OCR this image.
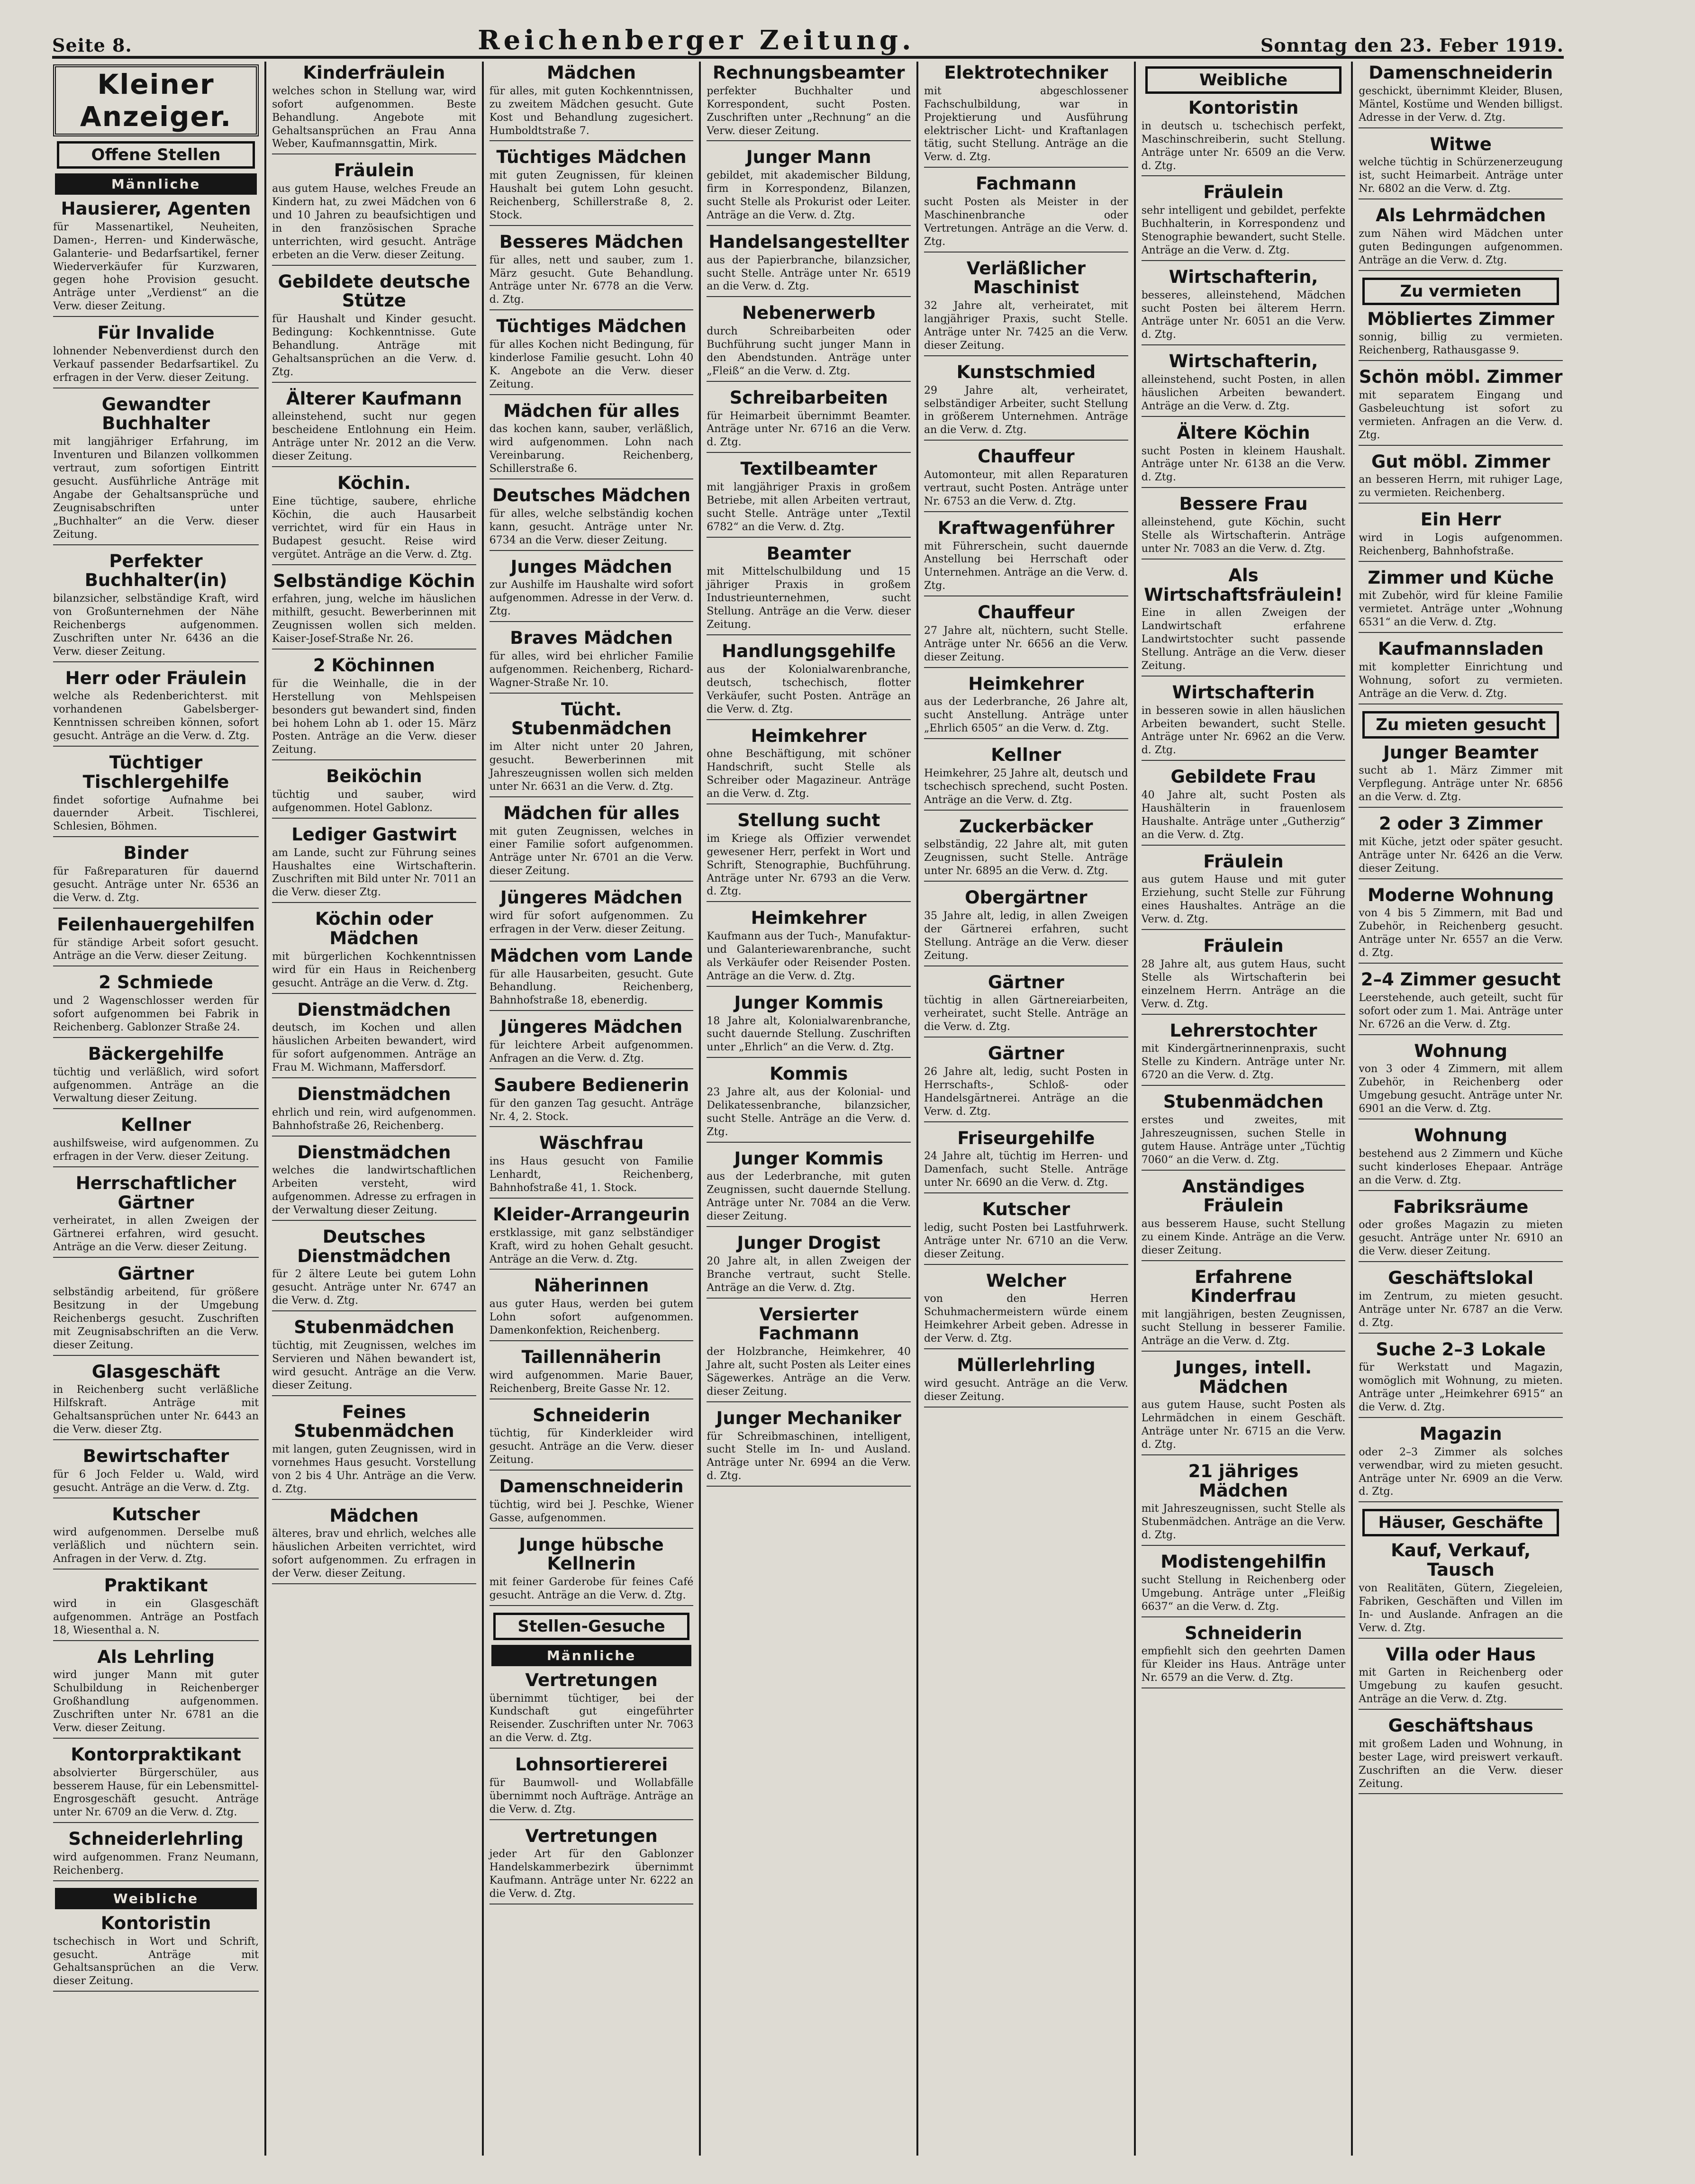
Seite 8.	Reichenberger Zeitung.	Sonntag den 23. Feber 1919.
Kleiner Anzeiger.
Offene Stellen
Männliche
Hausierer, Agenten

für Massenartikel, Neuheiten, Damen-, Herren- und Kinderwäsche, Galanterie- und Bedarfsartikel, ferner Wiederverkäufer für Kurzwaren, gegen hohe Provision gesucht. Anträge unter „Verdienst“ an die Verw. dieser Zeitung.

Für Invalide

lohnender Nebenverdienst durch den Verkauf passender Bedarfsartikel. Zu erfragen in der Verw. dieser Zeitung.

Gewandter Buchhalter

mit langjähriger Erfahrung, im Inventuren und Bilanzen vollkommen vertraut, zum sofortigen Eintritt gesucht. Ausführliche Anträge mit Angabe der Gehaltsansprüche und Zeugnisabschriften unter „Buchhalter“ an die Verw. dieser Zeitung.

Perfekter Buchhalter(in)

bilanzsicher, selbständige Kraft, wird von Großunternehmen der Nähe Reichenbergs aufgenommen. Zuschriften unter Nr. 6436 an die Verw. dieser Zeitung.

Herr oder Fräulein

welche als Redenberichterst. mit vorhandenen Gabelsberger-Kenntnissen schreiben können, sofort gesucht. Anträge an die Verw. d. Ztg.

Tüchtiger Tischlergehilfe

findet sofortige Aufnahme bei dauernder Arbeit. Tischlerei, Schlesien, Böhmen.

Binder

für Faßreparaturen für dauernd gesucht. Anträge unter Nr. 6536 an die Verw. d. Ztg.

Feilenhauergehilfen

für ständige Arbeit sofort gesucht. Anträge an die Verw. dieser Zeitung.

2 Schmiede

und 2 Wagenschlosser werden für sofort aufgenommen bei Fabrik in Reichenberg. Gablonzer Straße 24.

Bäckergehilfe

tüchtig und verläßlich, wird sofort aufgenommen. Anträge an die Verwaltung dieser Zeitung.

Kellner

aushilfsweise, wird aufgenommen. Zu erfragen in der Verw. dieser Zeitung.

Herrschaftlicher Gärtner

verheiratet, in allen Zweigen der Gärtnerei erfahren, wird gesucht. Anträge an die Verw. dieser Zeitung.

Gärtner

selbständig arbeitend, für größere Besitzung in der Umgebung Reichenbergs gesucht. Zuschriften mit Zeugnisabschriften an die Verw. dieser Zeitung.

Glasgeschäft

in Reichenberg sucht verläßliche Hilfskraft. Anträge mit Gehaltsansprüchen unter Nr. 6443 an die Verw. dieser Ztg.

Bewirtschafter

für 6 Joch Felder u. Wald, wird gesucht. Anträge an die Verw. d. Ztg.

Kutscher

wird aufgenommen. Derselbe muß verläßlich und nüchtern sein. Anfragen in der Verw. d. Ztg.

Praktikant

wird in ein Glasgeschäft aufgenommen. Anträge an Postfach 18, Wiesenthal a. N.

Als Lehrling

wird junger Mann mit guter Schulbildung in Reichenberger Großhandlung aufgenommen. Zuschriften unter Nr. 6781 an die Verw. dieser Zeitung.

Kontorpraktikant

absolvierter Bürgerschüler, aus besserem Hause, für ein Lebensmittel-Engrosgeschäft gesucht. Anträge unter Nr. 6709 an die Verw. d. Ztg.

Schneiderlehrling

wird aufgenommen. Franz Neumann, Reichenberg.

Weibliche
Kontoristin

tschechisch in Wort und Schrift, gesucht. Anträge mit Gehaltsansprüchen an die Verw. dieser Zeitung.

Kinderfräulein

welches schon in Stellung war, wird sofort aufgenommen. Beste Behandlung. Angebote mit Gehaltsansprüchen an Frau Anna Weber, Kaufmannsgattin, Mirk.

Fräulein

aus gutem Hause, welches Freude an Kindern hat, zu zwei Mädchen von 6 und 10 Jahren zu beaufsichtigen und in den französischen Sprache unterrichten, wird gesucht. Anträge erbeten an die Verw. dieser Zeitung.

Gebildete deutsche Stütze

für Haushalt und Kinder gesucht. Bedingung: Kochkenntnisse. Gute Behandlung. Anträge mit Gehaltsansprüchen an die Verw. d. Ztg.

Älterer Kaufmann

alleinstehend, sucht nur gegen bescheidene Entlohnung ein Heim. Anträge unter Nr. 2012 an die Verw. dieser Zeitung.

Köchin.

Eine tüchtige, saubere, ehrliche Köchin, die auch Hausarbeit verrichtet, wird für ein Haus in Budapest gesucht. Reise wird vergütet. Anträge an die Verw. d. Ztg.

Selbständige Köchin

erfahren, jung, welche im häuslichen mithilft, gesucht. Bewerberinnen mit Zeugnissen wollen sich melden. Kaiser-Josef-Straße Nr. 26.

2 Köchinnen

für die Weinhalle, die in der Herstellung von Mehlspeisen besonders gut bewandert sind, finden bei hohem Lohn ab 1. oder 15. März Posten. Anträge an die Verw. dieser Zeitung.

Beiköchin

tüchtig und sauber, wird aufgenommen. Hotel Gablonz.

Lediger Gastwirt

am Lande, sucht zur Führung seines Haushaltes eine Wirtschafterin. Zuschriften mit Bild unter Nr. 7011 an die Verw. dieser Ztg.

Köchin oder Mädchen

mit bürgerlichen Kochkenntnissen wird für ein Haus in Reichenberg gesucht. Anträge an die Verw. d. Ztg.

Dienstmädchen

deutsch, im Kochen und allen häuslichen Arbeiten bewandert, wird für sofort aufgenommen. Anträge an Frau M. Wichmann, Maffersdorf.

Dienstmädchen

ehrlich und rein, wird aufgenommen. Bahnhofstraße 26, Reichenberg.

Dienstmädchen

welches die landwirtschaftlichen Arbeiten versteht, wird aufgenommen. Adresse zu erfragen in der Verwaltung dieser Zeitung.

Deutsches Dienstmädchen

für 2 ältere Leute bei gutem Lohn gesucht. Anträge unter Nr. 6747 an die Verw. d. Ztg.

Stubenmädchen

tüchtig, mit Zeugnissen, welches im Servieren und Nähen bewandert ist, wird gesucht. Anträge an die Verw. dieser Zeitung.

Feines Stubenmädchen

mit langen, guten Zeugnissen, wird in vornehmes Haus gesucht. Vorstellung von 2 bis 4 Uhr. Anträge an die Verw. d. Ztg.

Mädchen

älteres, brav und ehrlich, welches alle häuslichen Arbeiten verrichtet, wird sofort aufgenommen. Zu erfragen in der Verw. dieser Zeitung.

Mädchen

für alles, mit guten Kochkenntnissen, zu zweitem Mädchen gesucht. Gute Kost und Behandlung zugesichert. Humboldtstraße 7.

Tüchtiges Mädchen

mit guten Zeugnissen, für kleinen Haushalt bei gutem Lohn gesucht. Reichenberg, Schillerstraße 8, 2. Stock.

Besseres Mädchen

für alles, nett und sauber, zum 1. März gesucht. Gute Behandlung. Anträge unter Nr. 6778 an die Verw. d. Ztg.

Tüchtiges Mädchen

für alles Kochen nicht Bedingung, für kinderlose Familie gesucht. Lohn 40 K. Angebote an die Verw. dieser Zeitung.

Mädchen für alles

das kochen kann, sauber, verläßlich, wird aufgenommen. Lohn nach Vereinbarung. Reichenberg, Schillerstraße 6.

Deutsches Mädchen

für alles, welche selbständig kochen kann, gesucht. Anträge unter Nr. 6734 an die Verw. dieser Zeitung.

Junges Mädchen

zur Aushilfe im Haushalte wird sofort aufgenommen. Adresse in der Verw. d. Ztg.

Braves Mädchen

für alles, wird bei ehrlicher Familie aufgenommen. Reichenberg, Richard-Wagner-Straße Nr. 10.

Tücht. Stubenmädchen

im Alter nicht unter 20 Jahren, gesucht. Bewerberinnen mit Jahreszeugnissen wollen sich melden unter Nr. 6631 an die Verw. d. Ztg.

Mädchen für alles

mit guten Zeugnissen, welches in einer Familie sofort aufgenommen. Anträge unter Nr. 6701 an die Verw. dieser Zeitung.

Jüngeres Mädchen

wird für sofort aufgenommen. Zu erfragen in der Verw. dieser Zeitung.

Mädchen vom Lande

für alle Hausarbeiten, gesucht. Gute Behandlung. Reichenberg, Bahnhofstraße 18, ebenerdig.

Jüngeres Mädchen

für leichtere Arbeit aufgenommen. Anfragen an die Verw. d. Ztg.

Saubere Bedienerin

für den ganzen Tag gesucht. Anträge Nr. 4, 2. Stock.

Wäschfrau

ins Haus gesucht von Familie Lenhardt, Reichenberg, Bahnhofstraße 41, 1. Stock.

Kleider-Arrangeurin

erstklassige, mit ganz selbständiger Kraft, wird zu hohen Gehalt gesucht. Anträge an die Verw. d. Ztg.

Näherinnen

aus guter Haus, werden bei gutem Lohn sofort aufgenommen. Damenkonfektion, Reichenberg.

Taillennäherin

wird aufgenommen. Marie Bauer, Reichenberg, Breite Gasse Nr. 12.

Schneiderin

tüchtig, für Kinderkleider wird gesucht. Anträge an die Verw. dieser Zeitung.

Damenschneiderin

tüchtig, wird bei J. Peschke, Wiener Gasse, aufgenommen.

Junge hübsche Kellnerin

mit feiner Garderobe für feines Café gesucht. Anträge an die Verw. d. Ztg.

Stellen-Gesuche
Männliche
Vertretungen

übernimmt tüchtiger, bei der Kundschaft gut eingeführter Reisender. Zuschriften unter Nr. 7063 an die Verw. d. Ztg.

Lohnsortiererei

für Baumwoll- und Wollabfälle übernimmt noch Aufträge. Anträge an die Verw. d. Ztg.

Vertretungen

jeder Art für den Gablonzer Handelskammerbezirk übernimmt Kaufmann. Anträge unter Nr. 6222 an die Verw. d. Ztg.

Rechnungsbeamter

perfekter Buchhalter und Korrespondent, sucht Posten. Zuschriften unter „Rechnung“ an die Verw. dieser Zeitung.

Junger Mann

gebildet, mit akademischer Bildung, firm in Korrespondenz, Bilanzen, sucht Stelle als Prokurist oder Leiter. Anträge an die Verw. d. Ztg.

Handelsangestellter

aus der Papierbranche, bilanzsicher, sucht Stelle. Anträge unter Nr. 6519 an die Verw. d. Ztg.

Nebenerwerb

durch Schreibarbeiten oder Buchführung sucht junger Mann in den Abendstunden. Anträge unter „Fleiß“ an die Verw. d. Ztg.

Schreibarbeiten

für Heimarbeit übernimmt Beamter. Anträge unter Nr. 6716 an die Verw. d. Ztg.

Textilbeamter

mit langjähriger Praxis in großem Betriebe, mit allen Arbeiten vertraut, sucht Stelle. Anträge unter „Textil 6782“ an die Verw. d. Ztg.

Beamter

mit Mittelschulbildung und 15 jähriger Praxis in großem Industrieunternehmen, sucht Stellung. Anträge an die Verw. dieser Zeitung.

Handlungsgehilfe

aus der Kolonialwarenbranche, deutsch, tschechisch, flotter Verkäufer, sucht Posten. Anträge an die Verw. d. Ztg.

Heimkehrer

ohne Beschäftigung, mit schöner Handschrift, sucht Stelle als Schreiber oder Magazineur. Anträge an die Verw. d. Ztg.

Stellung sucht

im Kriege als Offizier verwendet gewesener Herr, perfekt in Wort und Schrift, Stenographie, Buchführung. Anträge unter Nr. 6793 an die Verw. d. Ztg.

Heimkehrer

Kaufmann aus der Tuch-, Manufaktur- und Galanteriewarenbranche, sucht als Verkäufer oder Reisender Posten. Anträge an die Verw. d. Ztg.

Junger Kommis

18 Jahre alt, Kolonialwarenbranche, sucht dauernde Stellung. Zuschriften unter „Ehrlich“ an die Verw. d. Ztg.

Kommis

23 Jahre alt, aus der Kolonial- und Delikatessenbranche, bilanzsicher, sucht Stelle. Anträge an die Verw. d. Ztg.

Junger Kommis

aus der Lederbranche, mit guten Zeugnissen, sucht dauernde Stellung. Anträge unter Nr. 7084 an die Verw. dieser Zeitung.

Junger Drogist

20 Jahre alt, in allen Zweigen der Branche vertraut, sucht Stelle. Anträge an die Verw. d. Ztg.

Versierter Fachmann

der Holzbranche, Heimkehrer, 40 Jahre alt, sucht Posten als Leiter eines Sägewerkes. Anträge an die Verw. dieser Zeitung.

Junger Mechaniker

für Schreibmaschinen, intelligent, sucht Stelle im In- und Ausland. Anträge unter Nr. 6994 an die Verw. d. Ztg.

Elektrotechniker

mit abgeschlossener Fachschulbildung, war in Projektierung und Ausführung elektrischer Licht- und Kraftanlagen tätig, sucht Stellung. Anträge an die Verw. d. Ztg.

Fachmann

sucht Posten als Meister in der Maschinenbranche oder Vertretungen. Anträge an die Verw. d. Ztg.

Verläßlicher Maschinist

32 Jahre alt, verheiratet, mit langjähriger Praxis, sucht Stelle. Anträge unter Nr. 7425 an die Verw. dieser Zeitung.

Kunstschmied

29 Jahre alt, verheiratet, selbständiger Arbeiter, sucht Stellung in größerem Unternehmen. Anträge an die Verw. d. Ztg.

Chauffeur

Automonteur, mit allen Reparaturen vertraut, sucht Posten. Anträge unter Nr. 6753 an die Verw. d. Ztg.

Kraftwagenführer

mit Führerschein, sucht dauernde Anstellung bei Herrschaft oder Unternehmen. Anträge an die Verw. d. Ztg.

Chauffeur

27 Jahre alt, nüchtern, sucht Stelle. Anträge unter Nr. 6656 an die Verw. dieser Zeitung.

Heimkehrer

aus der Lederbranche, 26 Jahre alt, sucht Anstellung. Anträge unter „Ehrlich 6505“ an die Verw. d. Ztg.

Kellner

Heimkehrer, 25 Jahre alt, deutsch und tschechisch sprechend, sucht Posten. Anträge an die Verw. d. Ztg.

Zuckerbäcker

selbständig, 22 Jahre alt, mit guten Zeugnissen, sucht Stelle. Anträge unter Nr. 6895 an die Verw. d. Ztg.

Obergärtner

35 Jahre alt, ledig, in allen Zweigen der Gärtnerei erfahren, sucht Stellung. Anträge an die Verw. dieser Zeitung.

Gärtner

tüchtig in allen Gärtnereiarbeiten, verheiratet, sucht Stelle. Anträge an die Verw. d. Ztg.

Gärtner

26 Jahre alt, ledig, sucht Posten in Herrschafts-, Schloß- oder Handelsgärtnerei. Anträge an die Verw. d. Ztg.

Friseurgehilfe

24 Jahre alt, tüchtig im Herren- und Damenfach, sucht Stelle. Anträge unter Nr. 6690 an die Verw. d. Ztg.

Kutscher

ledig, sucht Posten bei Lastfuhrwerk. Anträge unter Nr. 6710 an die Verw. dieser Zeitung.

Welcher

von den Herren Schuhmachermeistern würde einem Heimkehrer Arbeit geben. Adresse in der Verw. d. Ztg.

Müllerlehrling

wird gesucht. Anträge an die Verw. dieser Zeitung.

Weibliche
Kontoristin

in deutsch u. tschechisch perfekt, Maschinschreiberin, sucht Stellung. Anträge unter Nr. 6509 an die Verw. d. Ztg.

Fräulein

sehr intelligent und gebildet, perfekte Buchhalterin, in Korrespondenz und Stenographie bewandert, sucht Stelle. Anträge an die Verw. d. Ztg.

Wirtschafterin,

besseres, alleinstehend, Mädchen sucht Posten bei älterem Herrn. Anträge unter Nr. 6051 an die Verw. d. Ztg.

Wirtschafterin,

alleinstehend, sucht Posten, in allen häuslichen Arbeiten bewandert. Anträge an die Verw. d. Ztg.

Ältere Köchin

sucht Posten in kleinem Haushalt. Anträge unter Nr. 6138 an die Verw. d. Ztg.

Bessere Frau

alleinstehend, gute Köchin, sucht Stelle als Wirtschafterin. Anträge unter Nr. 7083 an die Verw. d. Ztg.

Als Wirtschaftsfräulein!

Eine in allen Zweigen der Landwirtschaft erfahrene Landwirtstochter sucht passende Stellung. Anträge an die Verw. dieser Zeitung.

Wirtschafterin

in besseren sowie in allen häuslichen Arbeiten bewandert, sucht Stelle. Anträge unter Nr. 6962 an die Verw. d. Ztg.

Gebildete Frau

40 Jahre alt, sucht Posten als Haushälterin in frauenlosem Haushalte. Anträge unter „Gutherzig“ an die Verw. d. Ztg.

Fräulein

aus gutem Hause und mit guter Erziehung, sucht Stelle zur Führung eines Haushaltes. Anträge an die Verw. d. Ztg.

Fräulein

28 Jahre alt, aus gutem Haus, sucht Stelle als Wirtschafterin bei einzelnem Herrn. Anträge an die Verw. d. Ztg.

Lehrerstochter

mit Kindergärtnerinnenpraxis, sucht Stelle zu Kindern. Anträge unter Nr. 6720 an die Verw. d. Ztg.

Stubenmädchen

erstes und zweites, mit Jahreszeugnissen, suchen Stelle in gutem Hause. Anträge unter „Tüchtig 7060“ an die Verw. d. Ztg.

Anständiges Fräulein

aus besserem Hause, sucht Stellung zu einem Kinde. Anträge an die Verw. dieser Zeitung.

Erfahrene Kinderfrau

mit langjährigen, besten Zeugnissen, sucht Stellung in besserer Familie. Anträge an die Verw. d. Ztg.

Junges, intell. Mädchen

aus gutem Hause, sucht Posten als Lehrmädchen in einem Geschäft. Anträge unter Nr. 6715 an die Verw. d. Ztg.

21 jähriges Mädchen

mit Jahreszeugnissen, sucht Stelle als Stubenmädchen. Anträge an die Verw. d. Ztg.

Modistengehilfin

sucht Stellung in Reichenberg oder Umgebung. Anträge unter „Fleißig 6637“ an die Verw. d. Ztg.

Schneiderin

empfiehlt sich den geehrten Damen für Kleider ins Haus. Anträge unter Nr. 6579 an die Verw. d. Ztg.

Damenschneiderin

geschickt, übernimmt Kleider, Blusen, Mäntel, Kostüme und Wenden billigst. Adresse in der Verw. d. Ztg.

Witwe

welche tüchtig in Schürzenerzeugung ist, sucht Heimarbeit. Anträge unter Nr. 6802 an die Verw. d. Ztg.

Als Lehrmädchen

zum Nähen wird Mädchen unter guten Bedingungen aufgenommen. Anträge an die Verw. d. Ztg.

Zu vermieten
Möbliertes Zimmer

sonnig, billig zu vermieten. Reichenberg, Rathausgasse 9.

Schön möbl. Zimmer

mit separatem Eingang und Gasbeleuchtung ist sofort zu vermieten. Anfragen an die Verw. d. Ztg.

Gut möbl. Zimmer

an besseren Herrn, mit ruhiger Lage, zu vermieten. Reichenberg.

Ein Herr

wird in Logis aufgenommen. Reichenberg, Bahnhofstraße.

Zimmer und Küche

mit Zubehör, wird für kleine Familie vermietet. Anträge unter „Wohnung 6531“ an die Verw. d. Ztg.

Kaufmannsladen

mit kompletter Einrichtung und Wohnung, sofort zu vermieten. Anträge an die Verw. d. Ztg.

Zu mieten gesucht
Junger Beamter

sucht ab 1. März Zimmer mit Verpflegung. Anträge unter Nr. 6856 an die Verw. d. Ztg.

2 oder 3 Zimmer

mit Küche, jetzt oder später gesucht. Anträge unter Nr. 6426 an die Verw. dieser Zeitung.

Moderne Wohnung

von 4 bis 5 Zimmern, mit Bad und Zubehör, in Reichenberg gesucht. Anträge unter Nr. 6557 an die Verw. d. Ztg.

2–4 Zimmer gesucht

Leerstehende, auch geteilt, sucht für sofort oder zum 1. Mai. Anträge unter Nr. 6726 an die Verw. d. Ztg.

Wohnung

von 3 oder 4 Zimmern, mit allem Zubehör, in Reichenberg oder Umgebung gesucht. Anträge unter Nr. 6901 an die Verw. d. Ztg.

Wohnung

bestehend aus 2 Zimmern und Küche sucht kinderloses Ehepaar. Anträge an die Verw. d. Ztg.

Fabriksräume

oder großes Magazin zu mieten gesucht. Anträge unter Nr. 6910 an die Verw. dieser Zeitung.

Geschäftslokal

im Zentrum, zu mieten gesucht. Anträge unter Nr. 6787 an die Verw. d. Ztg.

Suche 2–3 Lokale

für Werkstatt und Magazin, womöglich mit Wohnung, zu mieten. Anträge unter „Heimkehrer 6915“ an die Verw. d. Ztg.

Magazin

oder 2–3 Zimmer als solches verwendbar, wird zu mieten gesucht. Anträge unter Nr. 6909 an die Verw. d. Ztg.

Häuser, Geschäfte
Kauf, Verkauf, Tausch

von Realitäten, Gütern, Ziegeleien, Fabriken, Geschäften und Villen im In- und Auslande. Anfragen an die Verw. d. Ztg.

Villa oder Haus

mit Garten in Reichenberg oder Umgebung zu kaufen gesucht. Anträge an die Verw. d. Ztg.

Geschäftshaus

mit großem Laden und Wohnung, in bester Lage, wird preiswert verkauft. Zuschriften an die Verw. dieser Zeitung.
